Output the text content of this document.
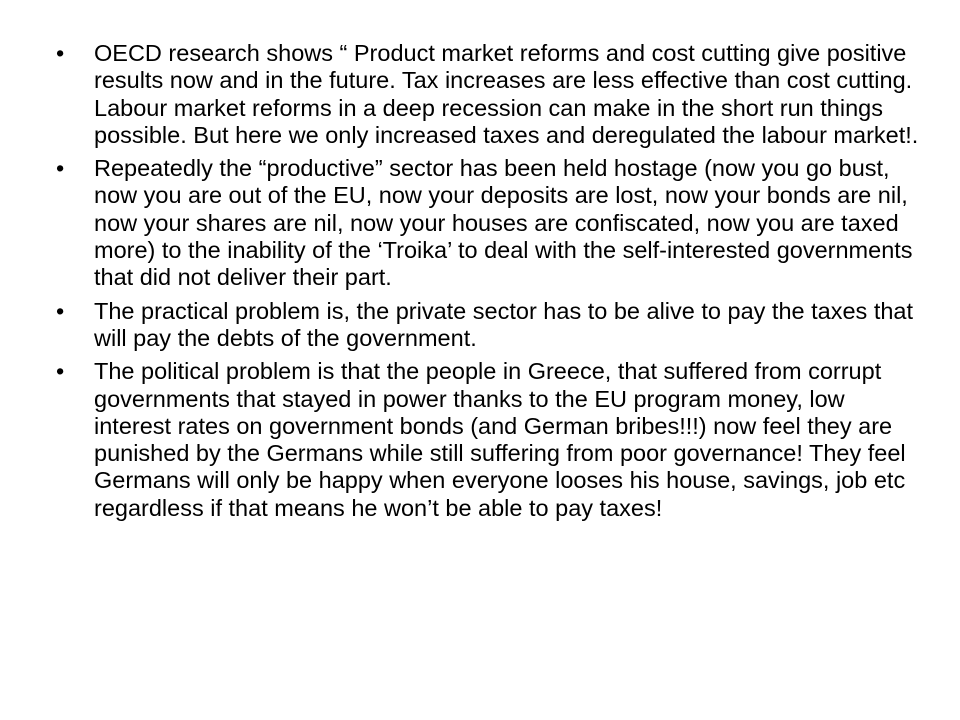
•	OECD research shows “ Product market reforms and cost cutting give positive results now and in the future. Tax increases are less effective than cost cutting. Labour market reforms in a deep recession can make in the short run things possible. But here we only increased taxes and deregulated the labour market!.
•	Repeatedly the “productive” sector has been held hostage (now you go bust, now you are out of the EU, now your deposits are lost, now your bonds are nil, now your shares are nil, now your houses are confiscated, now you are taxed more) to the inability of the ‘Troika’ to deal with the self-interested governments that did not deliver their part.
•	The practical problem is, the private sector has to be alive to pay the taxes that will pay the debts of the government.
•	The political problem is that the people in Greece, that suffered from corrupt governments that stayed in power thanks to the EU program money, low interest rates on government bonds (and German bribes!!!) now feel they are punished by the Germans while still suffering from poor governance! They feel Germans will only be happy when everyone looses his house, savings, job etc regardless if that means he won’t be able to pay taxes!
